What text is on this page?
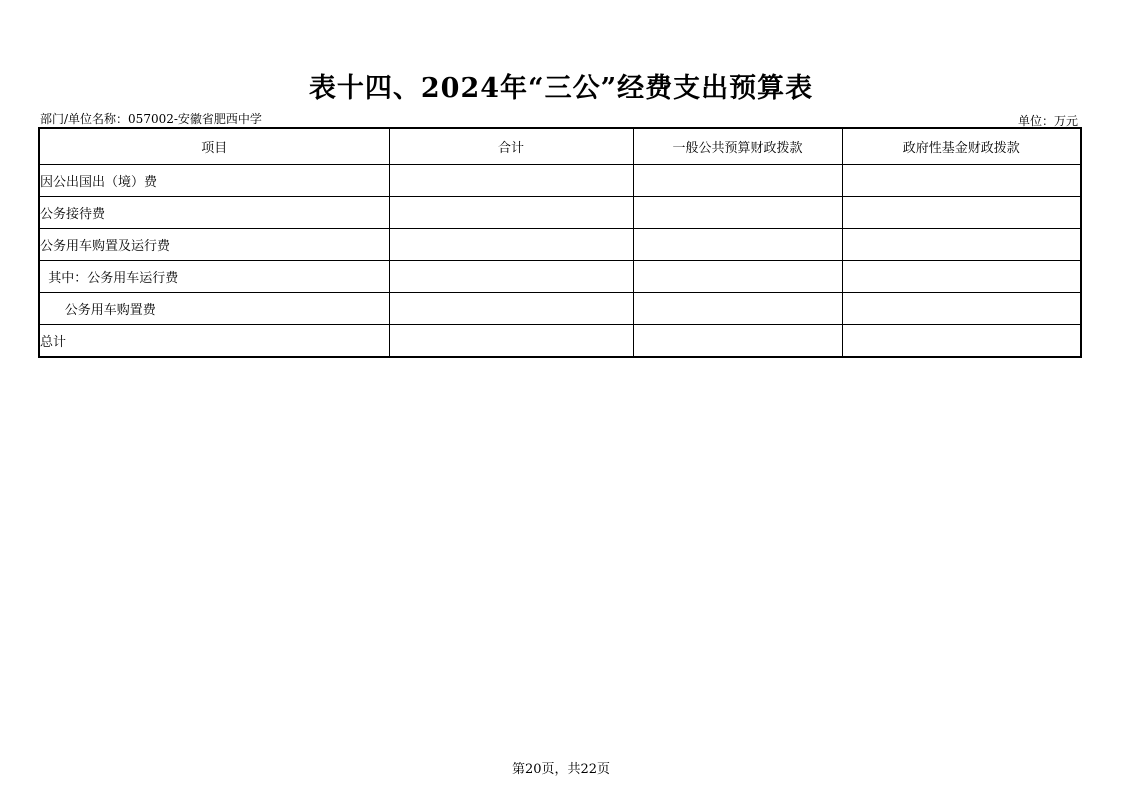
表十四、2024年“三公”经费支出预算表
部门/单位名称：057002-安徽省肥西中学	单位：万元
项目	合计	一般公共预算财政拨款	政府性基金财政拨款
因公出国出（境）费			
公务接待费			
公务用车购置及运行费			
其中：公务用车运行费			
公务用车购置费			
总计			
第20页，共22页
